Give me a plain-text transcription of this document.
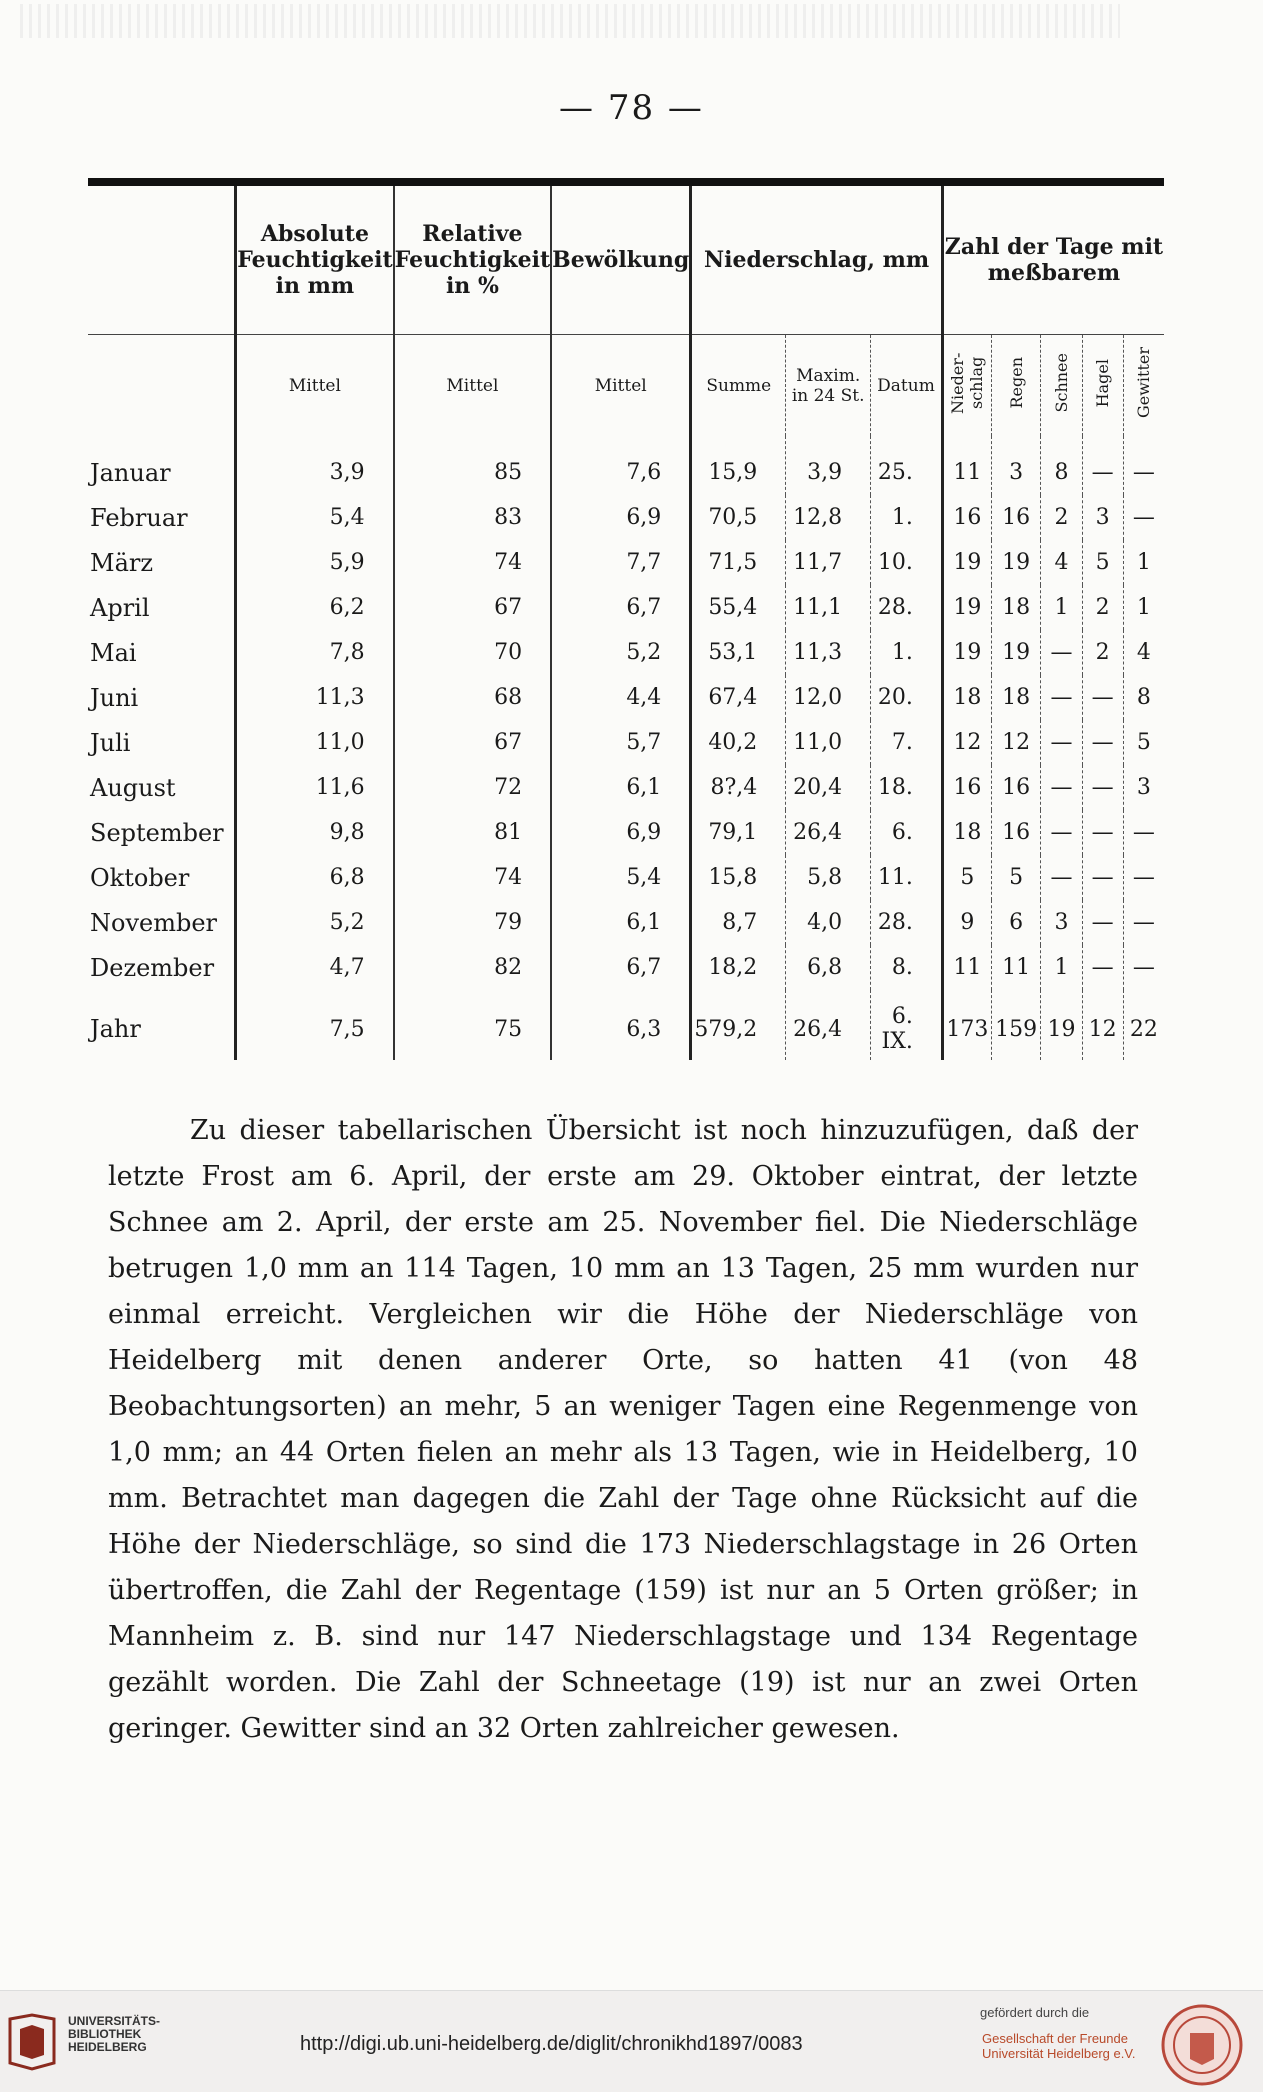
— 78 —
	Absolute Feuchtigkeit in mm	Relative Feuchtigkeit in %	Bewölkung	Niederschlag, mm			Zahl der Tage mit meßbarem				
	Mittel	Mittel	Mittel	Summe	Maxim. in 24 St.	Datum	Nieder- schlag	Regen	Schnee	Hagel	Gewitter
Januar	3,9	85	7,6	15,9	3,9	25.	11	3	8	—	—
Februar	5,4	83	6,9	70,5	12,8	1.	16	16	2	3	—
März	5,9	74	7,7	71,5	11,7	10.	19	19	4	5	1
April	6,2	67	6,7	55,4	11,1	28.	19	18	1	2	1
Mai	7,8	70	5,2	53,1	11,3	1.	19	19	—	2	4
Juni	11,3	68	4,4	67,4	12,0	20.	18	18	—	—	8
Juli	11,0	67	5,7	40,2	11,0	7.	12	12	—	—	5
August	11,6	72	6,1	8?,4	20,4	18.	16	16	—	—	3
September	9,8	81	6,9	79,1	26,4	6.	18	16	—	—	—
Oktober	6,8	74	5,4	15,8	5,8	11.	5	5	—	—	—
November	5,2	79	6,1	8,7	4,0	28.	9	6	3	—	—
Dezember	4,7	82	6,7	18,2	6,8	8.	11	11	1	—	—
Jahr	7,5	75	6,3	579,2	26,4	6. IX.	173	159	19	12	22
Zu dieser tabellarischen Übersicht ist noch hinzuzufügen, daß der letzte Frost am 6. April, der erste am 29. Oktober eintrat, der letzte Schnee am 2. April, der erste am 25. November fiel. Die Niederschläge betrugen 1,0 mm an 114 Tagen, 10 mm an 13 Tagen, 25 mm wurden nur einmal erreicht. Vergleichen wir die Höhe der Niederschläge von Heidelberg mit denen anderer Orte, so hatten 41 (von 48 Beobachtungsorten) an mehr, 5 an weniger Tagen eine Regenmenge von 1,0 mm; an 44 Orten fielen an mehr als 13 Tagen, wie in Heidelberg, 10 mm. Betrachtet man dagegen die Zahl der Tage ohne Rücksicht auf die Höhe der Niederschläge, so sind die 173 Niederschlagstage in 26 Orten übertroffen, die Zahl der Regentage (159) ist nur an 5 Orten größer; in Mannheim z. B. sind nur 147 Niederschlagstage und 134 Regentage gezählt worden. Die Zahl der Schneetage (19) ist nur an zwei Orten geringer. Gewitter sind an 32 Orten zahlreicher gewesen.
UNIVERSITÄTS-
BIBLIOTHEK
HEIDELBERG	http://digi.ub.uni-heidelberg.de/diglit/chronikhd1897/0083
gefördert durch die
Gesellschaft der Freunde
Universität Heidelberg e.V.
